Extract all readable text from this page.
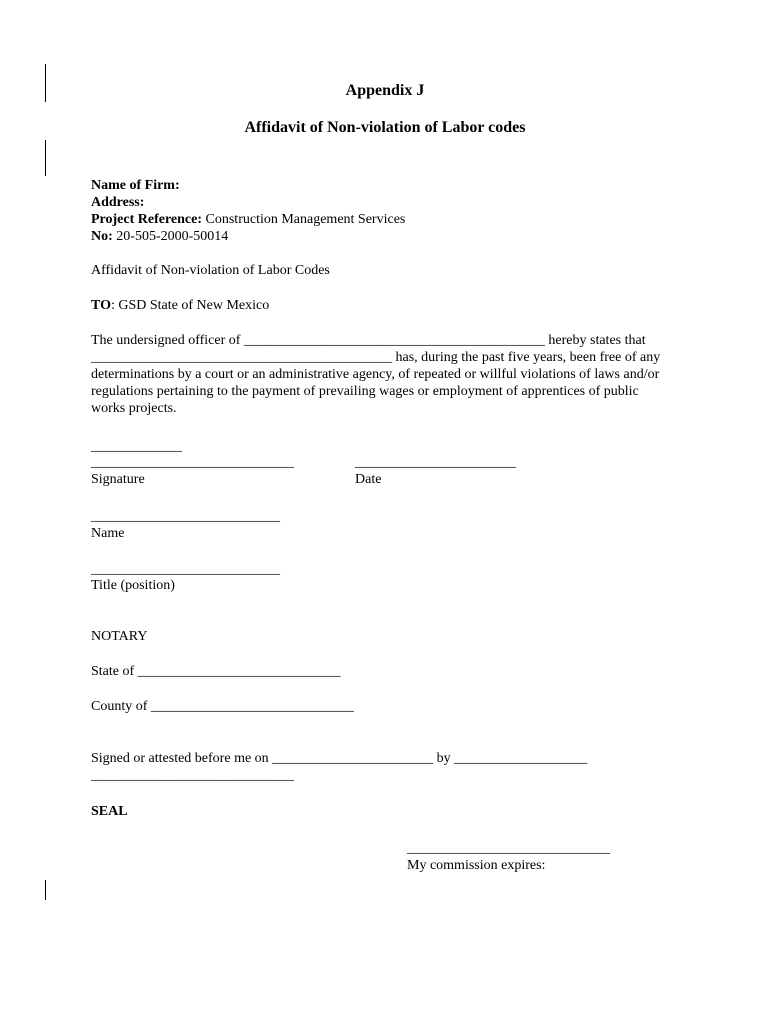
Appendix J
Affidavit of Non-violation of Labor codes
Name of Firm:
Address:
Project Reference: Construction Management Services
No: 20-505-2000-50014
Affidavit of Non-violation of Labor Codes
TO: GSD State of New Mexico
The undersigned officer of ___________________________________________ hereby states that
___________________________________________ has, during the past five years, been free of any
determinations by a court or an administrative agency, of repeated or willful violations of laws and/or
regulations pertaining to the payment of prevailing wages or employment of apprentices of public
works projects.
_____________
_____________________________	_______________________
Signature	Date
___________________________
Name
___________________________
Title (position)
NOTARY
State of _____________________________
County of _____________________________
Signed or attested before me on _______________________ by ___________________
_____________________________
SEAL
_____________________________
My commission expires:
